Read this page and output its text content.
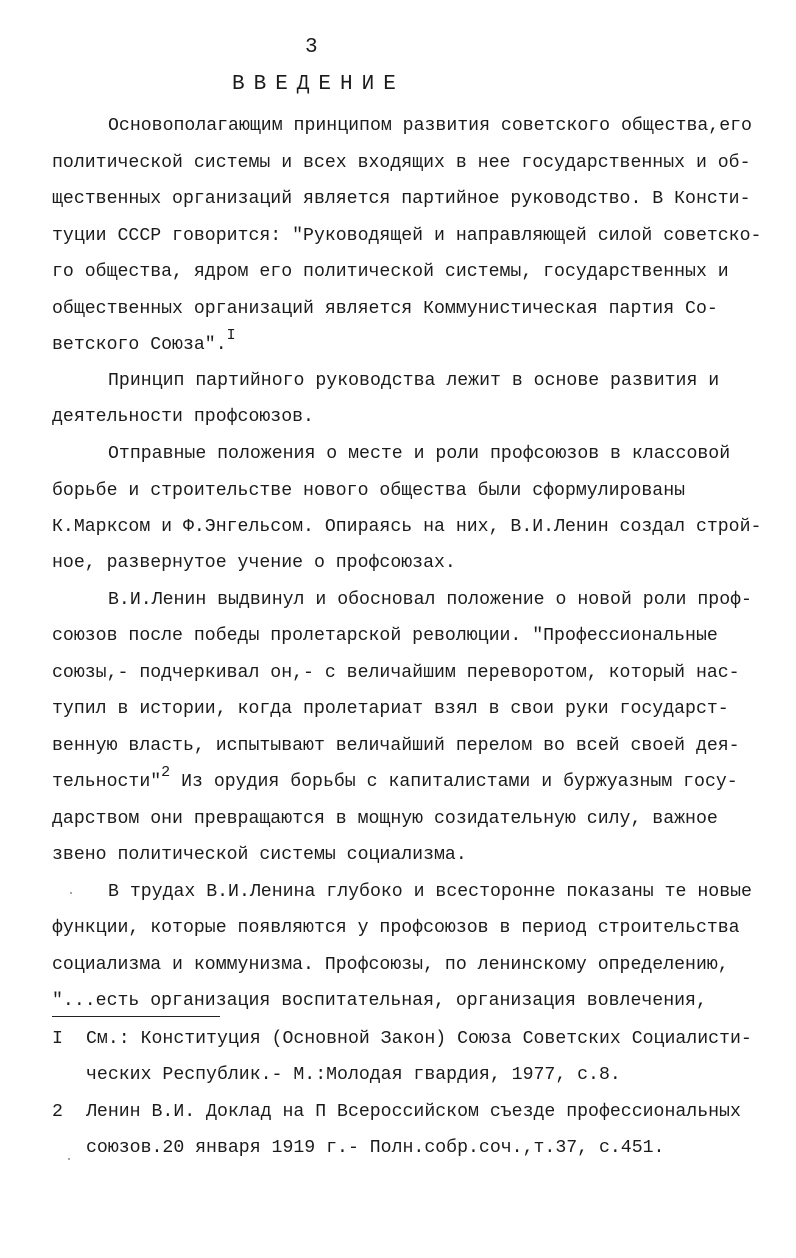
3
ВВЕДЕНИЕ
Основополагающим принципом развития советского общества,его
политической системы и всех входящих в нее государственных и об-
щественных организаций является партийное руководство. В Консти-
туции СССР говорится: "Руководящей и направляющей силой советско-
го общества, ядром его политической системы, государственных и
общественных организаций является Коммунистическая партия Со-
ветского Союза".$^I$
Принцип партийного руководства лежит в основе развития и
деятельности профсоюзов.
Отправные положения о месте и роли профсоюзов в классовой
борьбе и строительстве нового общества были сформулированы
К.Марксом и Ф.Энгельсом. Опираясь на них, В.И.Ленин создал строй-
ное, развернутое учение о профсоюзах.
В.И.Ленин выдвинул и обосновал положение о новой роли проф-
союзов после победы пролетарской революции. "Профессиональные
союзы,- подчеркивал он,- с величайшим переворотом, который нас-
тупил в истории, когда пролетариат взял в свои руки государст-
венную власть, испытывают величайший перелом во всей своей дея-
тельности"$^2$ Из орудия борьбы с капиталистами и буржуазным госу-
дарством они превращаются в мощную созидательную силу, важное
звено политической системы социализма.
В трудах В.И.Ленина глубоко и всесторонне показаны те новые
функции, которые появляются у профсоюзов в период строительства
социализма и коммунизма. Профсоюзы, по ленинскому определению,
"...есть организация воспитательная, организация вовлечения,
I См.: Конституция (Основной Закон) Союза Советских Социалисти-
ческих Республик.- М.:Молодая гвардия, 1977, с.8.
2 Ленин В.И. Доклад на П Всероссийском съезде профессиональных
союзов.20 января 1919 г.- Полн.собр.соч.,т.37, с.451.
